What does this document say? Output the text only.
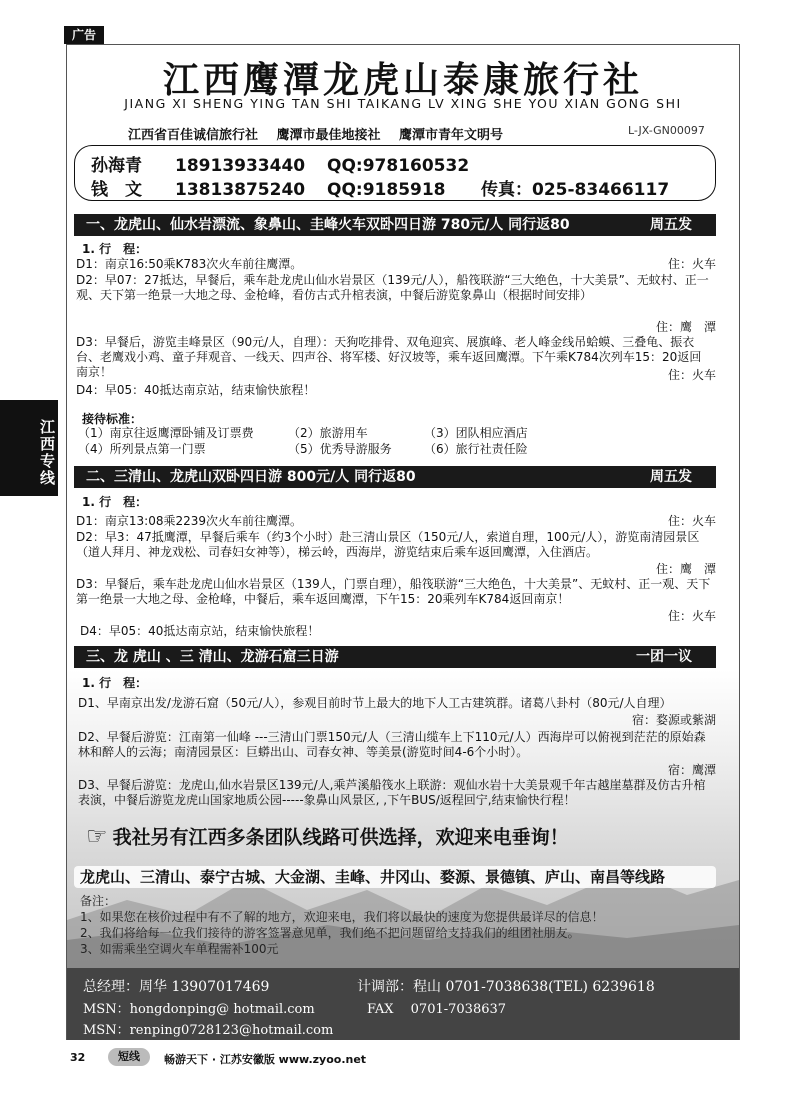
广告
江西专线
江西鹰潭龙虎山泰康旅行社
JIANG XI SHENG YING TAN SHI TAIKANG LV XING SHE YOU XIAN GONG SHI
江西省百佳诚信旅行社 鹰潭市最佳地接社 鹰潭市青年文明号	L-JX-GN00097
孙海青 18913933440 QQ:978160532
钱　文 13813875240 QQ:9185918 传真：025-83466117
一、龙虎山、仙水岩漂流、象鼻山、圭峰火车双卧四日游 780元/人 同行返80	周五发
1. 行　程：
D1：南京16:50乘K783次火车前往鹰潭。	住：火车
D2：早07：27抵达，早餐后，乘车赴龙虎山仙水岩景区（139元/人），船筏联游“三大绝色，十大美景”、无蚊村、正一观、天下第一绝景一大地之母、金枪峰，看仿古式升棺表演，中餐后游览象鼻山（根据时间安排）
住：鹰　潭
D3：早餐后，游览圭峰景区（90元/人，自理）：天狗吃排骨、双龟迎宾、展旗峰、老人峰金线吊蛤蟆、三叠龟、振衣台、老鹰戏小鸡、童子拜观音、一线天、四声谷、将军楼、好汉坡等，乘车返回鹰潭。下午乘K784次列车15：20返回南京！	住：火车
D4：早05：40抵达南京站，结束愉快旅程！
接待标准：
（1）南京往返鹰潭卧铺及订票费	（2）旅游用车	（3）团队相应酒店
（4）所列景点第一门票	（5）优秀导游服务	（6）旅行社责任险
二、三清山、龙虎山双卧四日游 800元/人 同行返80	周五发
1. 行　程：
D1：南京13:08乘2239次火车前往鹰潭。	住：火车
D2：早3：47抵鹰潭，早餐后乘车（约3个小时）赴三清山景区（150元/人，索道自理，100元/人），游览南清园景区（道人拜月、神龙戏松、司春妇女神等），梯云岭，西海岸，游览结束后乘车返回鹰潭，入住酒店。
住：鹰　潭
D3：早餐后，乘车赴龙虎山仙水岩景区（139人，门票自理），船筏联游“三大绝色，十大美景”、无蚊村、正一观、天下第一绝景一大地之母、金枪峰，中餐后，乘车返回鹰潭，下午15：20乘列车K784返回南京！
住：火车
D4：早05：40抵达南京站，结束愉快旅程！
三、龙 虎山 、三 清山、龙游石窟三日游	一团一议
1. 行　程：
D1、早南京出发/龙游石窟（50元/人），参观目前时节上最大的地下人工古建筑群。诸葛八卦村（80元/人自理）
宿：婺源或紫湖
D2、早餐后游览：江南第一仙峰 ---三清山门票150元/人（三清山缆车上下110元/人）西海岸可以俯视到茫茫的原始森林和醉人的云海；南清园景区：巨蟒出山、司春女神、等美景(游览时间4-6个小时）。
宿：鹰潭
D3、早餐后游览：龙虎山,仙水岩景区139元/人,乘芦溪船筏水上联游：观仙水岩十大美景观千年古越崖墓群及仿古升棺表演，中餐后游览龙虎山国家地质公园-----象鼻山风景区, ,下午BUS/返程回宁,结束愉快行程！
☞ 我社另有江西多条团队线路可供选择，欢迎来电垂询！
龙虎山、三清山、泰宁古城、大金湖、圭峰、井冈山、婺源、景德镇、庐山、南昌等线路
备注：
1、如果您在核价过程中有不了解的地方，欢迎来电，我们将以最快的速度为您提供最详尽的信息！
2、我们将给每一位我们接待的游客签署意见单，我们绝不把问题留给支持我们的组团社朋友。
3、如需乘坐空调火车单程需补100元
总经理：周华 13907017469	计调部：程山 0701-7038638(TEL) 6239618
MSN：hongdonping@ hotmail.com	FAX　 0701-7038637
MSN：renping0728123@hotmail.com
32	短线	畅游天下 · 江苏安徽版 www.zyoo.net
